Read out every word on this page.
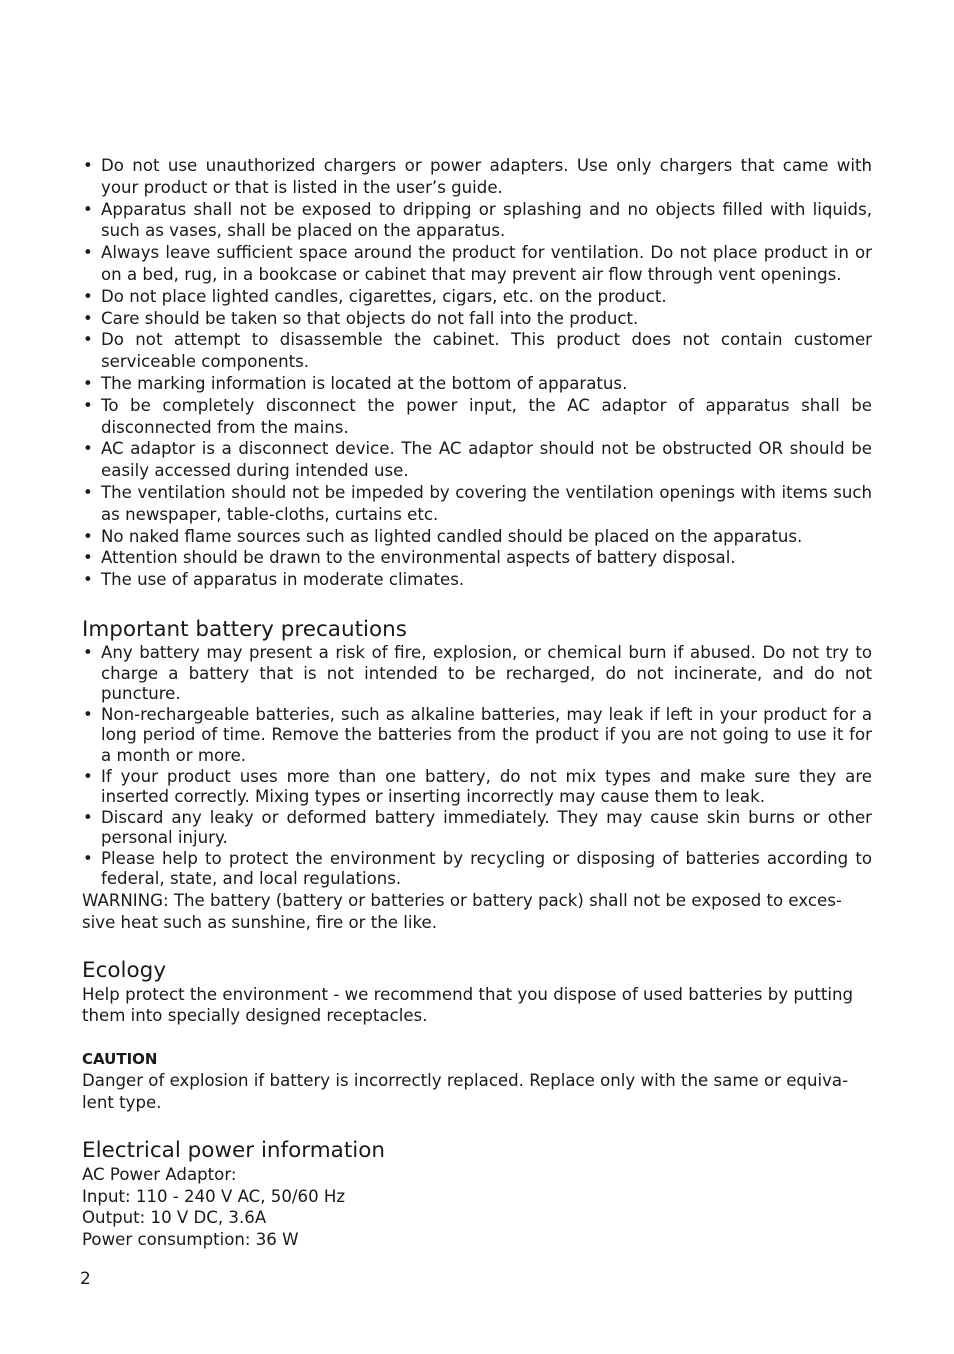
• Do not use unauthorized chargers or power adapters. Use only chargers that came with your product or that is listed in the user’s guide.
• Apparatus shall not be exposed to dripping or splashing and no objects filled with liquids, such as vases, shall be placed on the apparatus.
• Always leave sufficient space around the product for ventilation. Do not place product in or on a bed, rug, in a bookcase or cabinet that may prevent air flow through vent openings.
• Do not place lighted candles, cigarettes, cigars, etc. on the product.
• Care should be taken so that objects do not fall into the product.
• Do not attempt to disassemble the cabinet. This product does not contain customer serviceable components.
• The marking information is located at the bottom of apparatus.
• To be completely disconnect the power input, the AC adaptor of apparatus shall be disconnected from the mains.
• AC adaptor is a disconnect device. The AC adaptor should not be obstructed OR should be easily accessed during intended use.
• The ventilation should not be impeded by covering the ventilation openings with items such as newspaper, table-cloths, curtains etc.
• No naked flame sources such as lighted candled should be placed on the apparatus.
• Attention should be drawn to the environmental aspects of battery disposal.
• The use of apparatus in moderate climates.
Important battery precautions
• Any battery may present a risk of fire, explosion, or chemical burn if abused. Do not try to charge a battery that is not intended to be recharged, do not incinerate, and do not puncture.
• Non-rechargeable batteries, such as alkaline batteries, may leak if left in your product for a long period of time. Remove the batteries from the product if you are not going to use it for a month or more.
• If your product uses more than one battery, do not mix types and make sure they are inserted correctly. Mixing types or inserting incorrectly may cause them to leak.
• Discard any leaky or deformed battery immediately. They may cause skin burns or other personal injury.
• Please help to protect the environment by recycling or disposing of batteries according to federal, state, and local regulations.

WARNING: The battery (battery or batteries or battery pack) shall not be exposed to exces-sive heat such as sunshine, fire or the like.

Ecology

Help protect the environment - we recommend that you dispose of used batteries by putting them into specially designed receptacles.

CAUTION

Danger of explosion if battery is incorrectly replaced. Replace only with the same or equiva-lent type.

Electrical power information

AC Power Adaptor:

Input: 110 - 240 V AC, 50/60 Hz

Output: 10 V DC, 3.6A

Power consumption: 36 W

2
